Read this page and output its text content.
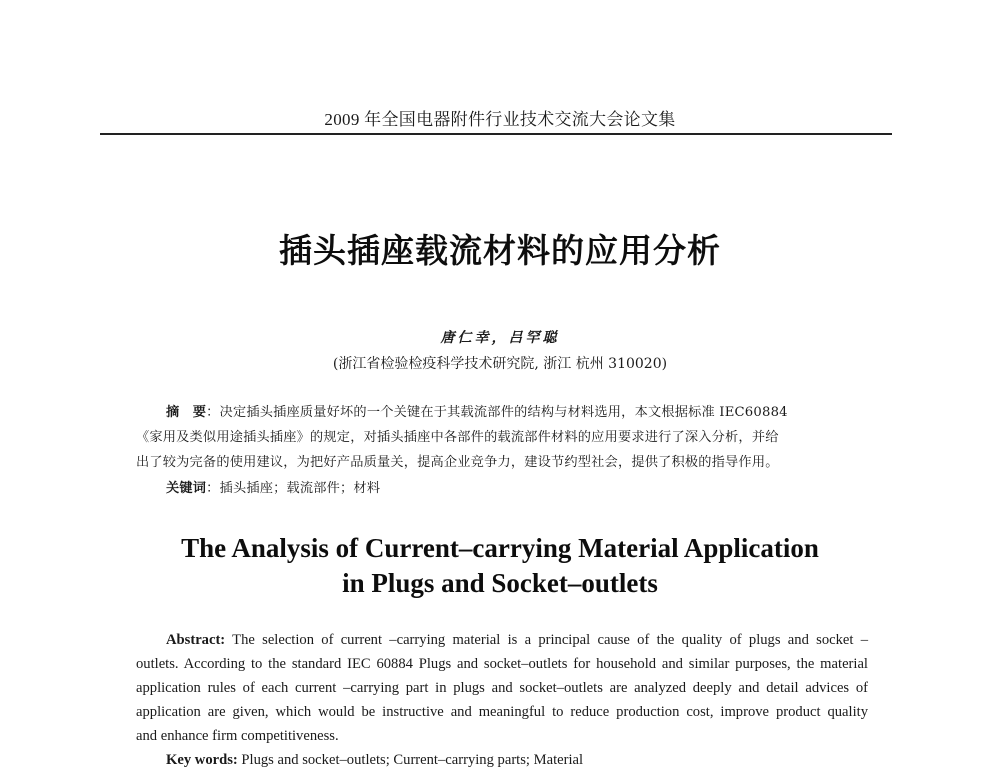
2009 年全国电器附件行业技术交流大会论文集
插头插座载流材料的应用分析
唐仁幸，吕罕聪
(浙江省检验检疫科学技术研究院, 浙江 杭州 310020)
摘　要：决定插头插座质量好坏的一个关键在于其载流部件的结构与材料选用，本文根据标准 IEC60884
《家用及类似用途插头插座》的规定，对插头插座中各部件的载流部件材料的应用要求进行了深入分析，并给
出了较为完备的使用建议，为把好产品质量关，提高企业竞争力，建设节约型社会，提供了积极的指导作用。
关键词：插头插座；载流部件；材料
The Analysis of Current–carrying Material Application
in Plugs and Socket–outlets
Abstract: The selection of current –carrying material is a principal cause of the quality of plugs and socket –
outlets. According to the standard IEC 60884 Plugs and socket–outlets for household and similar purposes, the material
application rules of each current –carrying part in plugs and socket–outlets are analyzed deeply and detail advices of
application are given, which would be instructive and meaningful to reduce production cost, improve product quality
and enhance firm competitiveness.
Key words: Plugs and socket–outlets; Current–carrying parts; Material
